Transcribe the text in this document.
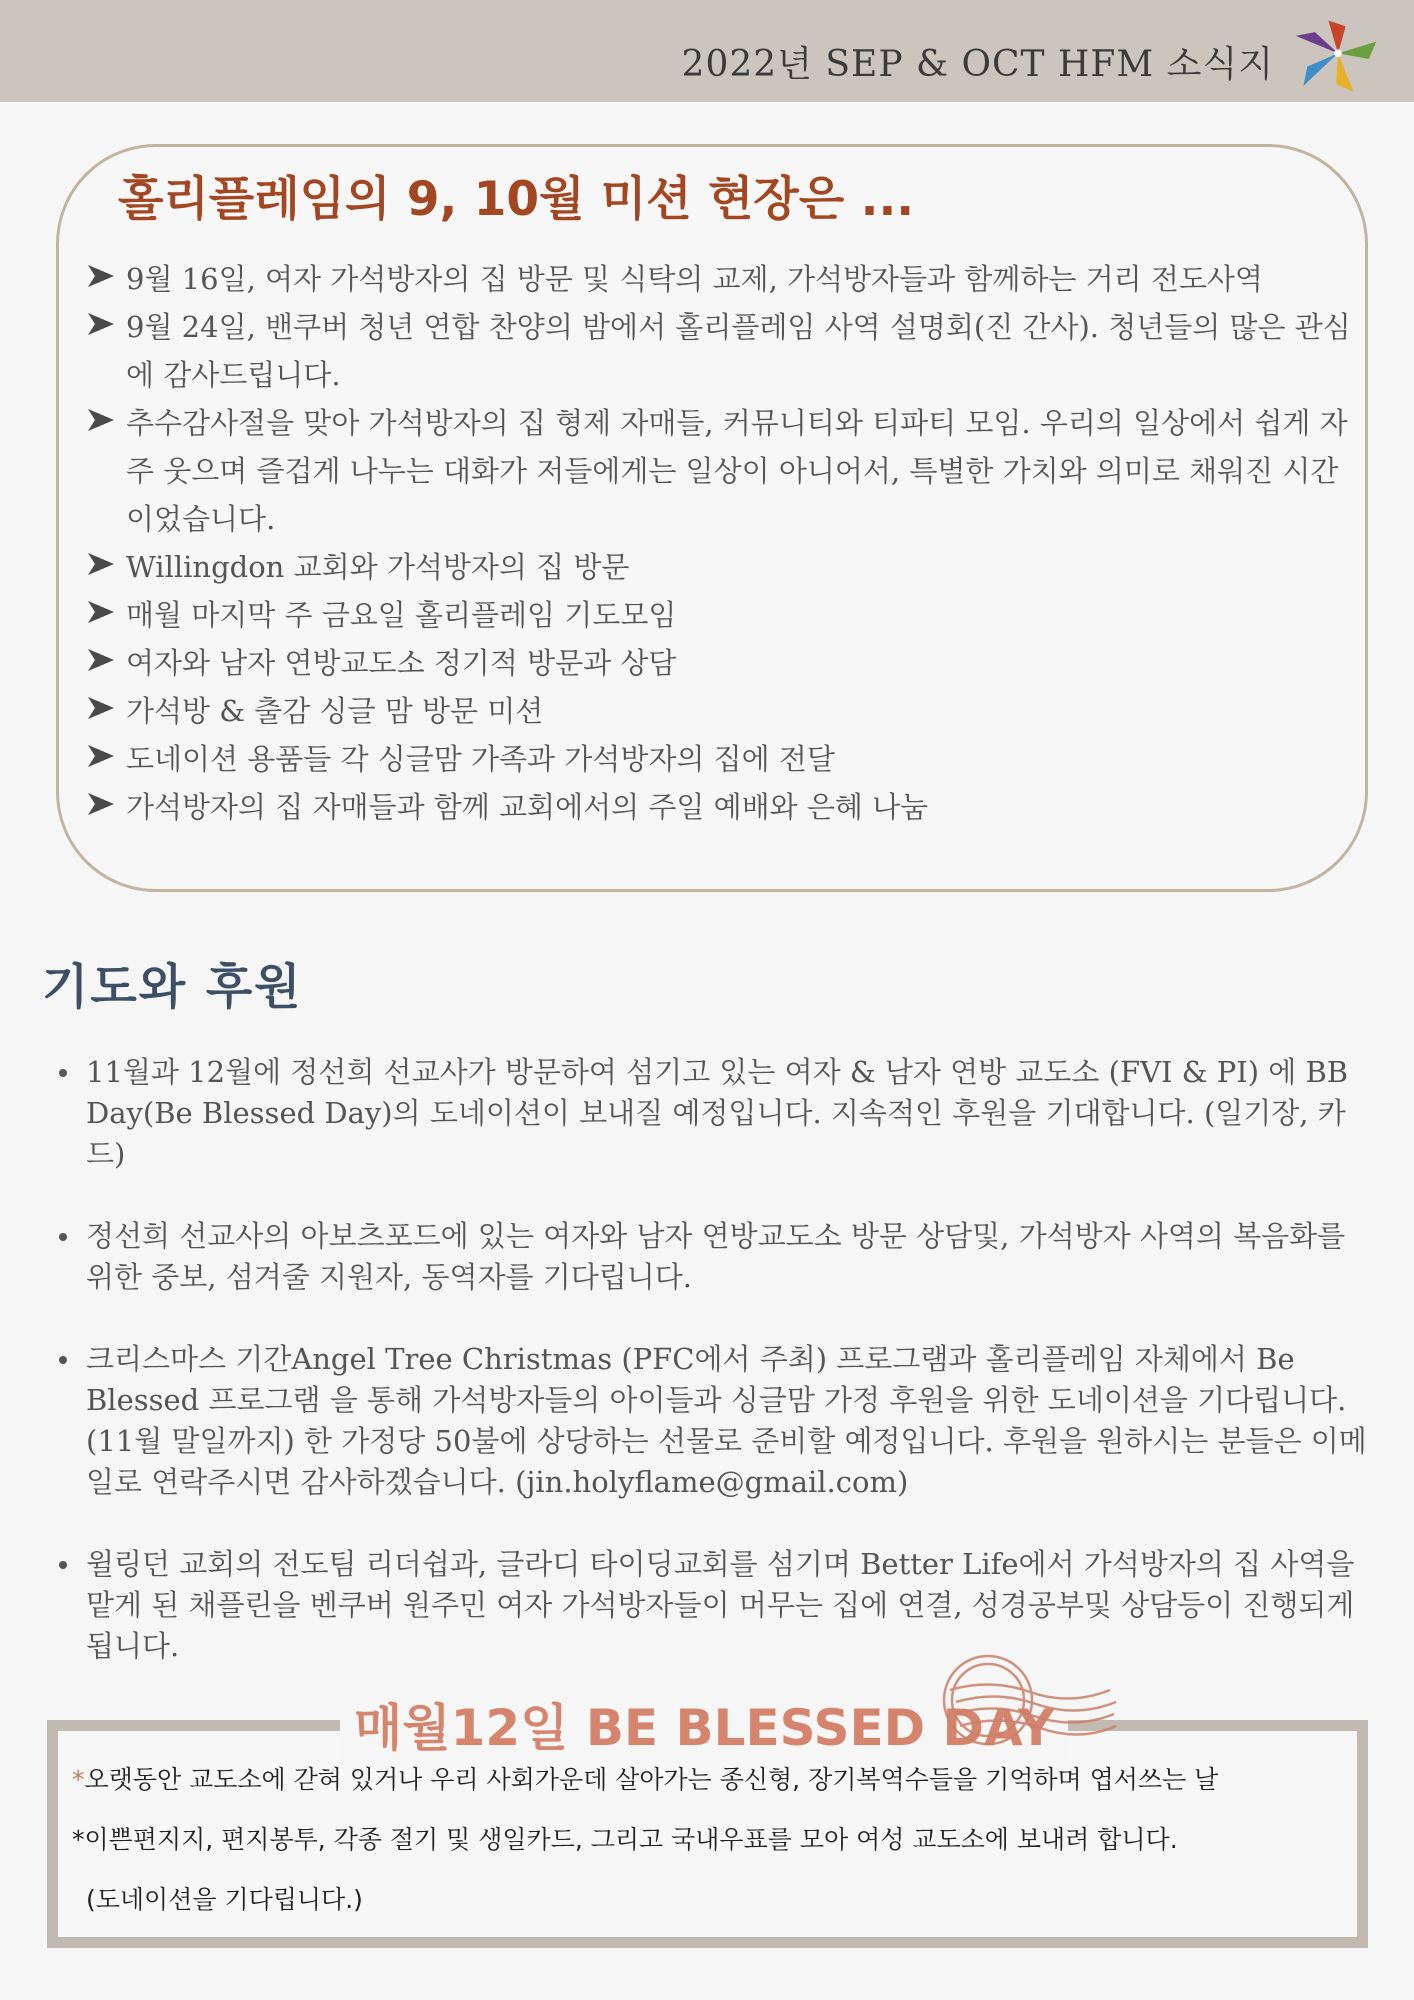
2022년 SEP & OCT HFM 소식지
홀리플레임의 9, 10월 미션 현장은 ...
9월 16일, 여자 가석방자의 집 방문 및 식탁의 교제, 가석방자들과 함께하는 거리 전도사역
9월 24일, 밴쿠버 청년 연합 찬양의 밤에서 홀리플레임 사역 설명회(진 간사). 청년들의 많은 관심에 감사드립니다.
추수감사절을 맞아 가석방자의 집 형제 자매들, 커뮤니티와 티파티 모임. 우리의 일상에서 쉽게 자주 웃으며 즐겁게 나누는 대화가 저들에게는 일상이 아니어서, 특별한 가치와 의미로 채워진 시간이었습니다.
Willingdon 교회와 가석방자의 집 방문
매월 마지막 주 금요일 홀리플레임 기도모임
여자와 남자 연방교도소 정기적 방문과 상담
가석방 & 출감 싱글 맘 방문 미션
도네이션 용품들 각 싱글맘 가족과 가석방자의 집에 전달
가석방자의 집 자매들과 함께 교회에서의 주일 예배와 은혜 나눔
기도와 후원
11월과 12월에 정선희 선교사가 방문하여 섬기고 있는 여자 & 남자 연방 교도소 (FVI & PI) 에 BB Day(Be Blessed Day)의 도네이션이 보내질 예정입니다. 지속적인 후원을 기대합니다. (일기장, 카드)
정선희 선교사의 아보츠포드에 있는 여자와 남자 연방교도소 방문 상담및, 가석방자 사역의 복음화를 위한 중보, 섬겨줄 지원자, 동역자를 기다립니다.
크리스마스 기간Angel Tree Christmas (PFC에서 주최) 프로그램과 홀리플레임 자체에서 Be Blessed 프로그램 을 통해 가석방자들의 아이들과 싱글맘 가정 후원을 위한 도네이션을 기다립니다. (11월 말일까지) 한 가정당 50불에 상당하는 선물로 준비할 예정입니다. 후원을 원하시는 분들은 이메일로 연락주시면 감사하겠습니다. (jin.holyflame@gmail.com)
윌링던 교회의 전도팀 리더쉽과, 글라디 타이딩교회를 섬기며 Better Life에서 가석방자의 집 사역을 맡게 된 채플린을 벤쿠버 원주민 여자 가석방자들이 머무는 집에 연결, 성경공부및 상담등이 진행되게 됩니다.
매월12일 BE BLESSED DAY
*오랫동안 교도소에 갇혀 있거나 우리 사회가운데 살아가는 종신형, 장기복역수들을 기억하며 엽서쓰는 날
*이쁜편지지, 편지봉투, 각종 절기 및 생일카드, 그리고 국내우표를 모아 여성 교도소에 보내려 합니다.
(도네이션을 기다립니다.)
